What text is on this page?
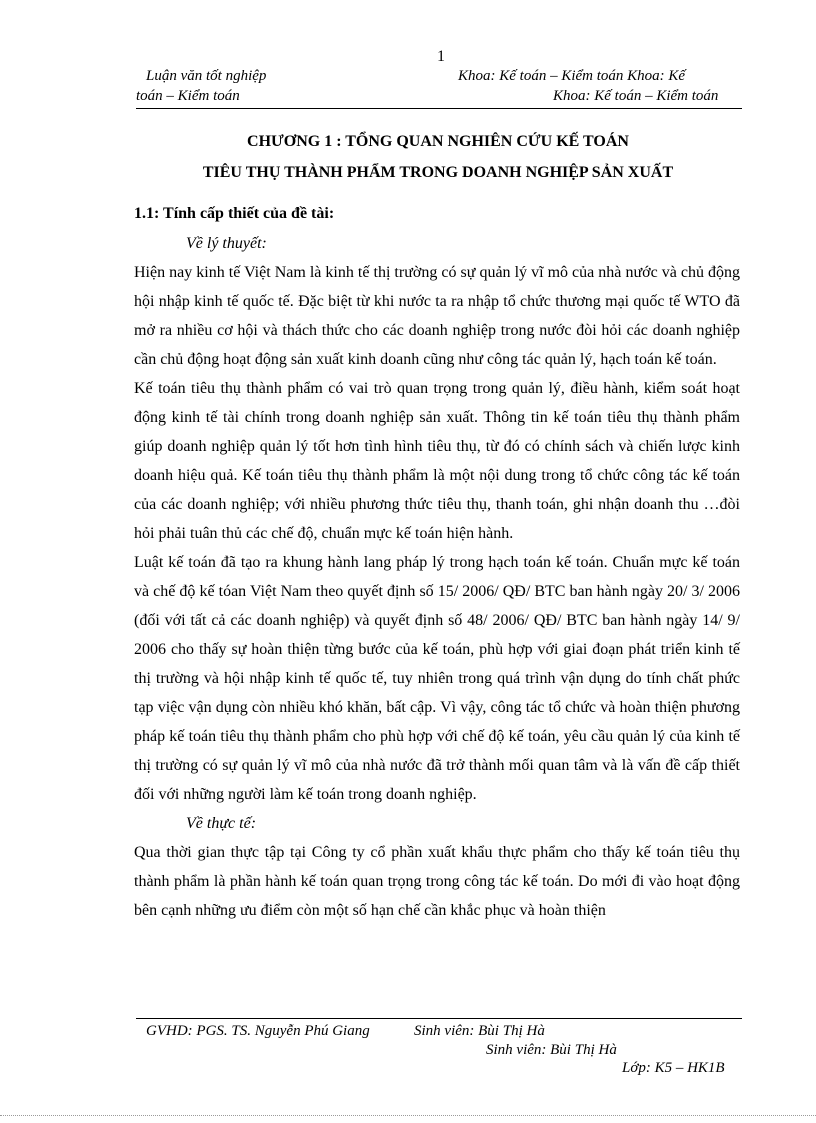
1
Luận văn tốt nghiệp	Khoa: Kế toán – Kiểm toán Khoa: Kế
toán – Kiểm toán	Khoa: Kế toán – Kiểm toán
CHƯƠNG 1 : TỔNG QUAN NGHIÊN CỨU KẾ TOÁN
TIÊU THỤ THÀNH PHẨM TRONG DOANH NGHIỆP SẢN XUẤT
1.1: Tính cấp thiết của đề tài:
Về lý thuyết:

Hiện nay kinh tế Việt Nam là kinh tế thị trường có sự quản lý vĩ mô của nhà nước và chủ động hội nhập kinh tế quốc tế. Đặc biệt từ khi nước ta ra nhập tổ chức thương mại quốc tế WTO đã mở ra nhiều cơ hội và thách thức cho các doanh nghiệp trong nước đòi hỏi các doanh nghiệp cần chủ động hoạt động sản xuất kinh doanh cũng như công tác quản lý, hạch toán kế toán.

Kế toán tiêu thụ thành phẩm có vai trò quan trọng trong quản lý, điều hành, kiểm soát hoạt động kinh tế tài chính trong doanh nghiệp sản xuất. Thông tin kế toán tiêu thụ thành phẩm giúp doanh nghiệp quản lý tốt hơn tình hình tiêu thụ, từ đó có chính sách và chiến lược kinh doanh hiệu quả. Kế toán tiêu thụ thành phẩm là một nội dung trong tổ chức công tác kế toán của các doanh nghiệp; với nhiều phương thức tiêu thụ, thanh toán, ghi nhận doanh thu …đòi hỏi phải tuân thủ các chế độ, chuẩn mực kế toán hiện hành.

Luật kế toán đã tạo ra khung hành lang pháp lý trong hạch toán kế toán. Chuẩn mực kế toán và chế độ kế tóan Việt Nam theo quyết định số 15/ 2006/ QĐ/ BTC ban hành ngày 20/ 3/ 2006 (đối với tất cả các doanh nghiệp) và quyết định số 48/ 2006/ QĐ/ BTC ban hành ngày 14/ 9/ 2006 cho thấy sự hoàn thiện từng bước của kế toán, phù hợp với giai đoạn phát triển kinh tế thị trường và hội nhập kinh tế quốc tế, tuy nhiên trong quá trình vận dụng do tính chất phức tạp việc vận dụng còn nhiều khó khăn, bất cập. Vì vậy, công tác tổ chức và hoàn thiện phương pháp kế toán tiêu thụ thành phẩm cho phù hợp với chế độ kế toán, yêu cầu quản lý của kinh tế thị trường có sự quản lý vĩ mô của nhà nước đã trở thành mối quan tâm và là vấn đề cấp thiết đối với những người làm kế toán trong doanh nghiệp.

Về thực tế:

Qua thời gian thực tập tại Công ty cổ phần xuất khẩu thực phẩm cho thấy kế toán tiêu thụ thành phẩm là phần hành kế toán quan trọng trong công tác kế toán. Do mới đi vào hoạt động bên cạnh những ưu điểm còn một số hạn chế cần khắc phục và hoàn thiện

GVHD: PGS. TS. Nguyễn Phú Giang	Sinh viên: Bùi Thị Hà
Sinh viên: Bùi Thị Hà
Lớp: K5 – HK1B
